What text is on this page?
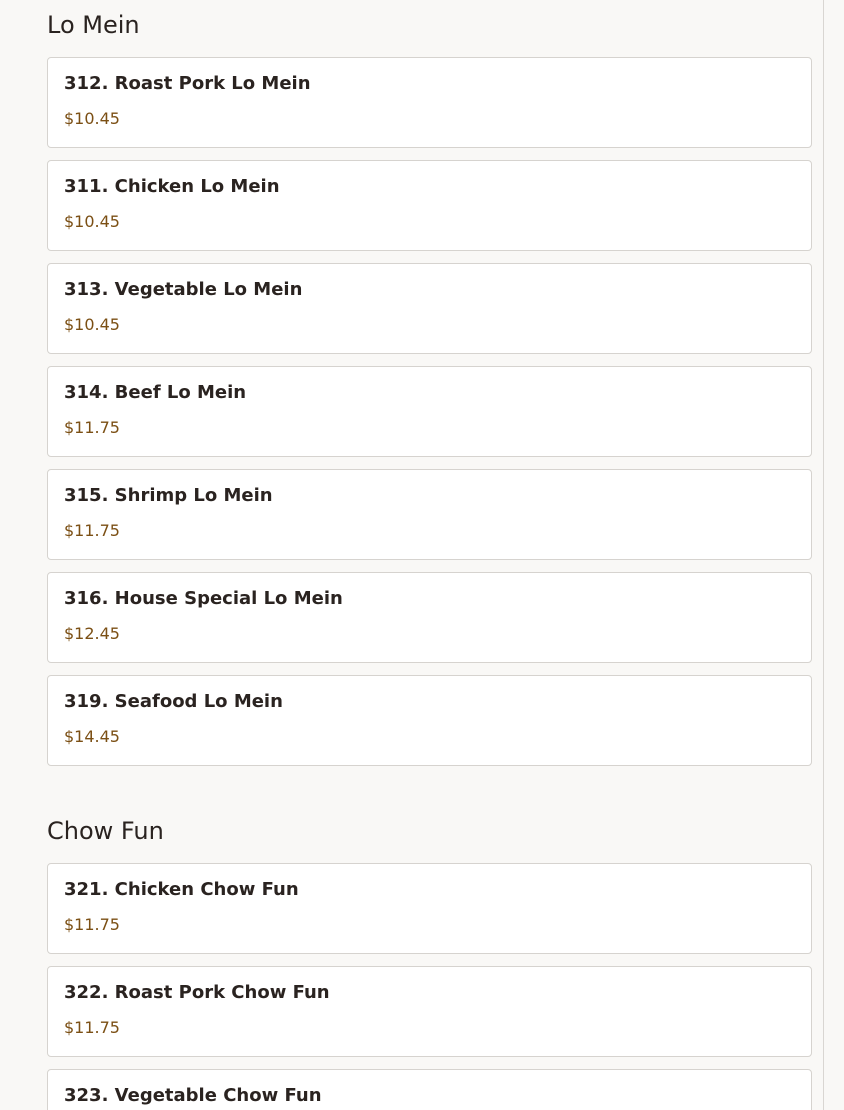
Lo Mein
312. Roast Pork Lo Mein
$10.45
311. Chicken Lo Mein
$10.45
313. Vegetable Lo Mein
$10.45
314. Beef Lo Mein
$11.75
315. Shrimp Lo Mein
$11.75
316. House Special Lo Mein
$12.45
319. Seafood Lo Mein
$14.45
Chow Fun
321. Chicken Chow Fun
$11.75
322. Roast Pork Chow Fun
$11.75
323. Vegetable Chow Fun
